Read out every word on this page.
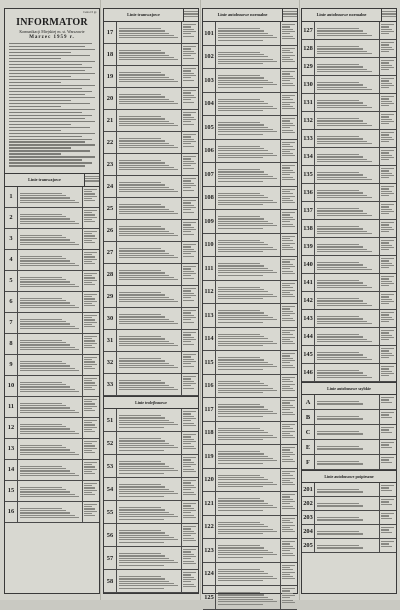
Cena 15 gr.
INFORMATOR
Komunikacji Miejskiej m. st. Warszawie
Marzec 1959 r.
Linie tramwajowe
1

2

3

4

5

6

7

8

9

10

11

12

13

14

15

16

Linie tramwajowe
17

18

19

20

21

22

23

24

25

26

27

28

29

30

31

32

33

Linie trolejbusowe
51

52

53

54

55

56

57

58

Linie autobusowe normalne
101

102

103

104

105

106

107

108

109

110

111

112

113

114

115

116

117

118

119

120

121

122

123

124

125

Linie autobusowe normalne
127

128

129

130

131

132

133

134

135

136

137

138

139

140

141

142

143

144

145

146

Linie autobusowe szybkie
A

B

C

E

F

Linie autobusowe pośpieszne
201

202

203

204

205
